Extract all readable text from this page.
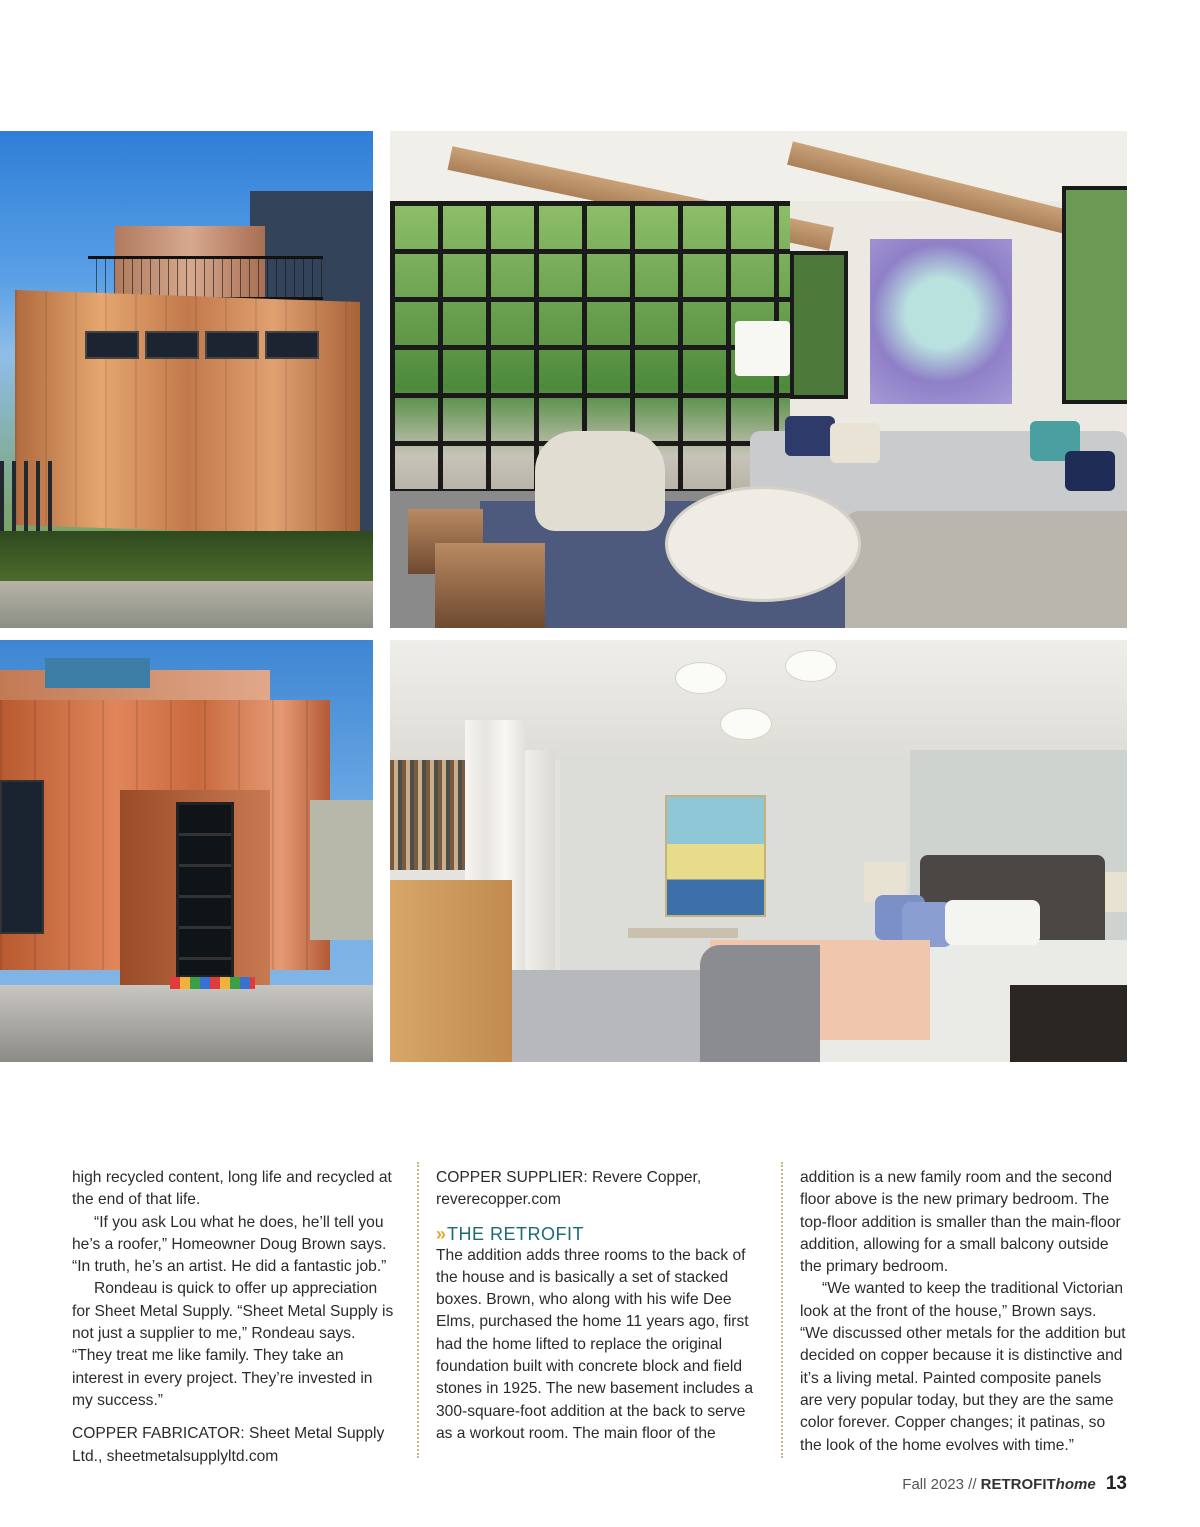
high recycled content, long life and recycled at the end of that life.

“If you ask Lou what he does, he’ll tell you he’s a roofer,” Homeowner Doug Brown says. “In truth, he’s an artist. He did a fantastic job.”

Rondeau is quick to offer up appreciation for Sheet Metal Supply. “Sheet Metal Supply is not just a supplier to me,” Rondeau says. “They treat me like family. They take an interest in every project. They’re invested in my success.”

COPPER FABRICATOR: Sheet Metal Supply Ltd., sheetmetalsupplyltd.com

COPPER SUPPLIER: Revere Copper, reverecopper.com

» THE RETROFIT

The addition adds three rooms to the back of the house and is basically a set of stacked boxes. Brown, who along with his wife Dee Elms, purchased the home 11 years ago, first had the home lifted to replace the original foundation built with concrete block and field stones in 1925. The new basement includes a 300-square-foot addition at the back to serve as a workout room. The main floor of the

addition is a new family room and the second floor above is the new primary bedroom. The top-floor addition is smaller than the main-floor addition, allowing for a small balcony outside the primary bedroom.

“We wanted to keep the traditional Victorian look at the front of the house,” Brown says. “We discussed other metals for the addition but decided on copper because it is distinctive and it’s a living metal. Painted composite panels are very popular today, but they are the same color forever. Copper changes; it patinas, so the look of the home evolves with time.”

Fall 2023 // RETROFIThome 13
